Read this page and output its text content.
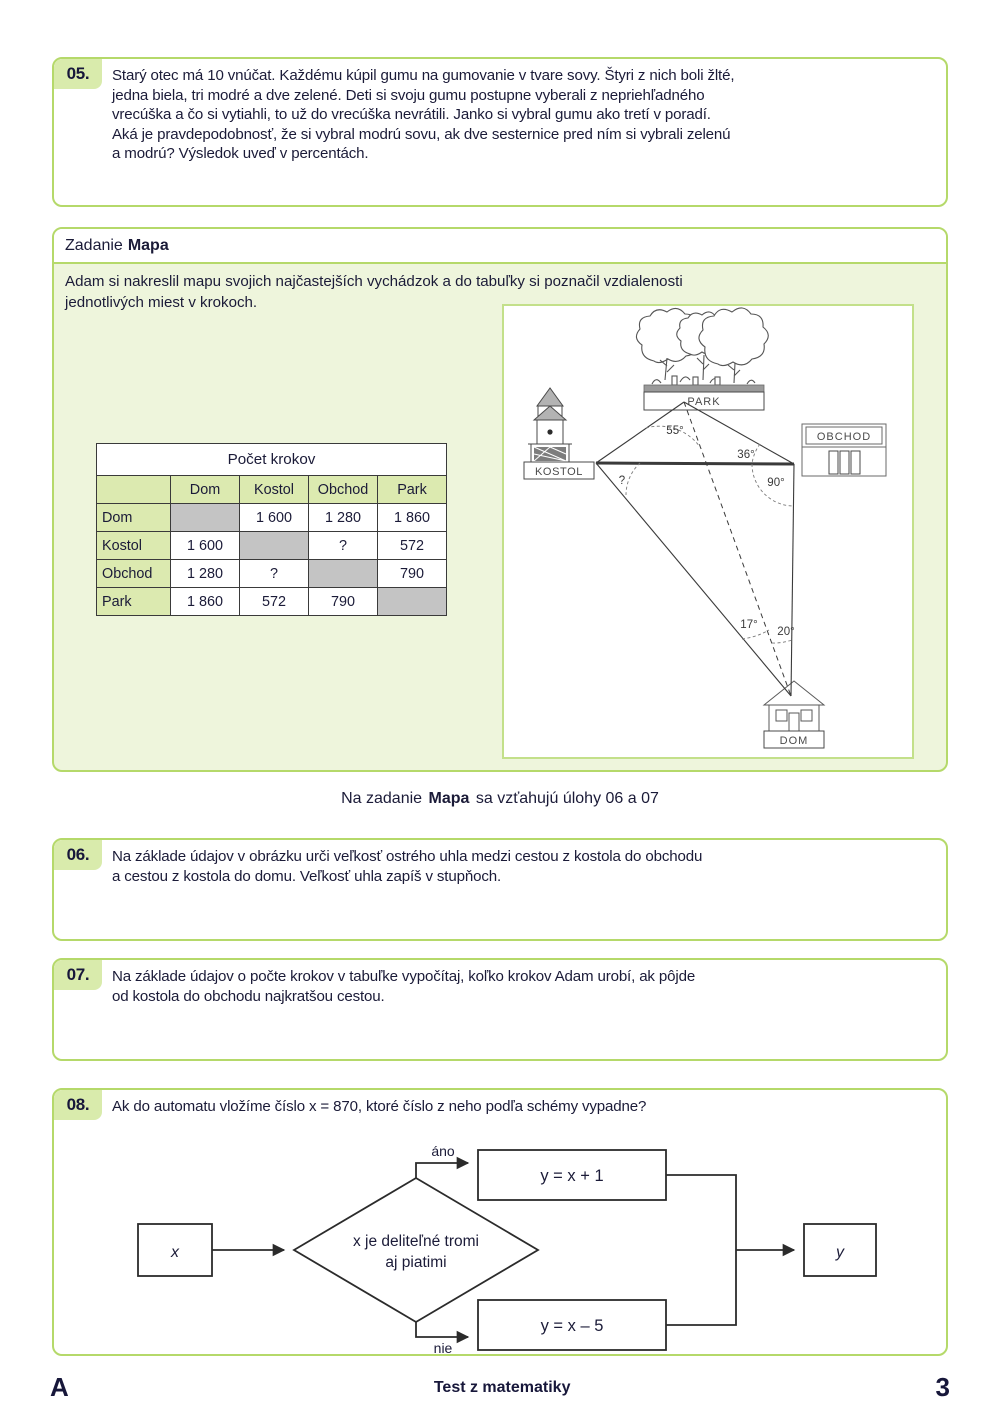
05.	Starý otec má 10 vnúčat. Každému kúpil gumu na gumovanie v tvare sovy. Štyri z nich boli žlté,
jedna biela, tri modré a dve zelené. Deti si svoju gumu postupne vyberali z nepriehľadného
vrecúška a čo si vytiahli, to už do vrecúška nevrátili. Janko si vybral gumu ako tretí v poradí.
Aká je pravdepodobnosť, že si vybral modrú sovu, ak dve sesternice pred ním si vybrali zelenú
a modrú? Výsledok uveď v percentách.
Zadanie Mapa
Adam si nakreslil mapu svojich najčastejších vychádzok a do tabuľky si poznačil vzdialenosti
jednotlivých miest v krokoch.
Počet krokov				
	Dom	Kostol	Obchod	Park
Dom		1 600	1 280	1 860
Kostol	1 600		?	572
Obchod	1 280	?		790
Park	1 860	572	790	
PARK
KOSTOL
OBCHOD
DOM
55°
36°
90°
?
17°
20°
Na zadanie Mapa sa vzťahujú úlohy 06 a 07
06.	Na základe údajov v obrázku urči veľkosť ostrého uhla medzi cestou z kostola do obchodu
a cestou z kostola do domu. Veľkosť uhla zapíš v stupňoch.
07.	Na základe údajov o počte krokov v tabuľke vypočítaj, koľko krokov Adam urobí, ak pôjde
od kostola do obchodu najkratšou cestou.
08.	Ak do automatu vložíme číslo x = 870, ktoré číslo z neho podľa schémy vypadne?
x
x je deliteľné tromi
aj piatimi
áno
nie
y = x + 1
y = x – 5
y
A	Test z matematiky	3
